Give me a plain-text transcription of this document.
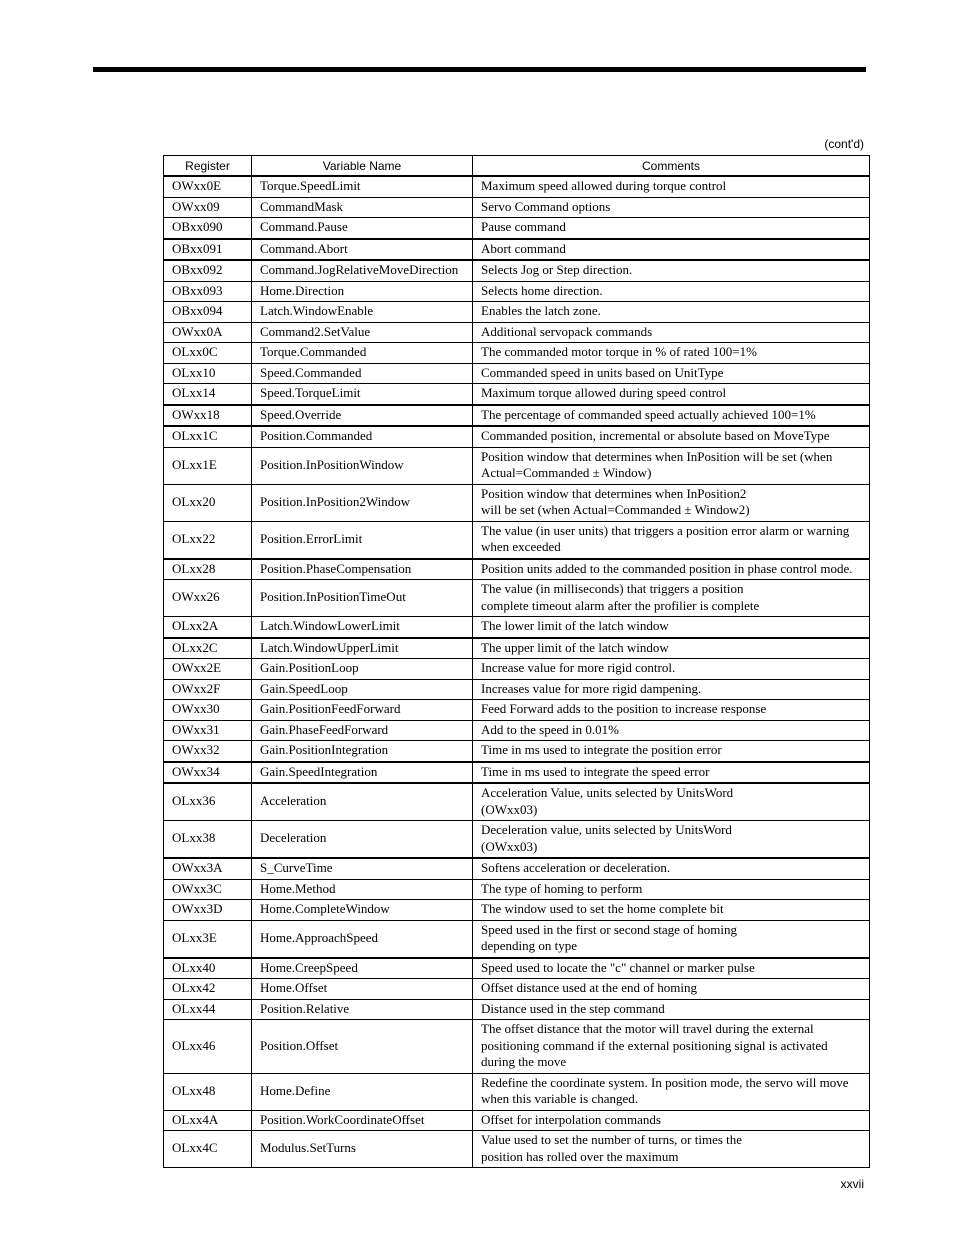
(cont'd)
Register	Variable Name	Comments
OWxx0E	Torque.SpeedLimit	Maximum speed allowed during torque control
OWxx09	CommandMask	Servo Command options
OBxx090	Command.Pause	Pause command
OBxx091	Command.Abort	Abort command
OBxx092	Command.JogRelativeMoveDirection	Selects Jog or Step direction.
OBxx093	Home.Direction	Selects home direction.
OBxx094	Latch.WindowEnable	Enables the latch zone.
OWxx0A	Command2.SetValue	Additional servopack commands
OLxx0C	Torque.Commanded	The commanded motor torque in % of rated 100=1%
OLxx10	Speed.Commanded	Commanded speed in units based on UnitType
OLxx14	Speed.TorqueLimit	Maximum torque allowed during speed control
OWxx18	Speed.Override	The percentage of commanded speed actually achieved 100=1%
OLxx1C	Position.Commanded	Commanded position, incremental or absolute based on MoveType
OLxx1E	Position.InPositionWindow	Position window that determines when InPosition will be set (when Actual=Commanded ± Window)
OLxx20	Position.InPosition2Window	Position window that determines when InPosition2
will be set (when Actual=Commanded ± Window2)
OLxx22	Position.ErrorLimit	The value (in user units) that triggers a position error alarm or warning when exceeded
OLxx28	Position.PhaseCompensation	Position units added to the commanded position in phase control mode.
OWxx26	Position.InPositionTimeOut	The value (in milliseconds) that triggers a position
complete timeout alarm after the profilier is complete
OLxx2A	Latch.WindowLowerLimit	The lower limit of the latch window
OLxx2C	Latch.WindowUpperLimit	The upper limit of the latch window
OWxx2E	Gain.PositionLoop	Increase value for more rigid control.
OWxx2F	Gain.SpeedLoop	Increases value for more rigid dampening.
OWxx30	Gain.PositionFeedForward	Feed Forward adds to the position to increase response
OWxx31	Gain.PhaseFeedForward	Add to the speed in 0.01%
OWxx32	Gain.PositionIntegration	Time in ms used to integrate the position error
OWxx34	Gain.SpeedIntegration	Time in ms used to integrate the speed error
OLxx36	Acceleration	Acceleration Value, units selected by UnitsWord
(OWxx03)
OLxx38	Deceleration	Deceleration value, units selected by UnitsWord
(OWxx03)
OWxx3A	S_CurveTime	Softens acceleration or deceleration.
OWxx3C	Home.Method	The type of homing to perform
OWxx3D	Home.CompleteWindow	The window used to set the home complete bit
OLxx3E	Home.ApproachSpeed	Speed used in the first or second stage of homing
depending on type
OLxx40	Home.CreepSpeed	Speed used to locate the "c" channel or marker pulse
OLxx42	Home.Offset	Offset distance used at the end of homing
OLxx44	Position.Relative	Distance used in the step command
OLxx46	Position.Offset	The offset distance that the motor will travel during the external positioning command if the external positioning signal is activated during the move
OLxx48	Home.Define	Redefine the coordinate system. In position mode, the servo will move when this variable is changed.
OLxx4A	Position.WorkCoordinateOffset	Offset for interpolation commands
OLxx4C	Modulus.SetTurns	Value used to set the number of turns, or times the
position has rolled over the maximum
xxvii
